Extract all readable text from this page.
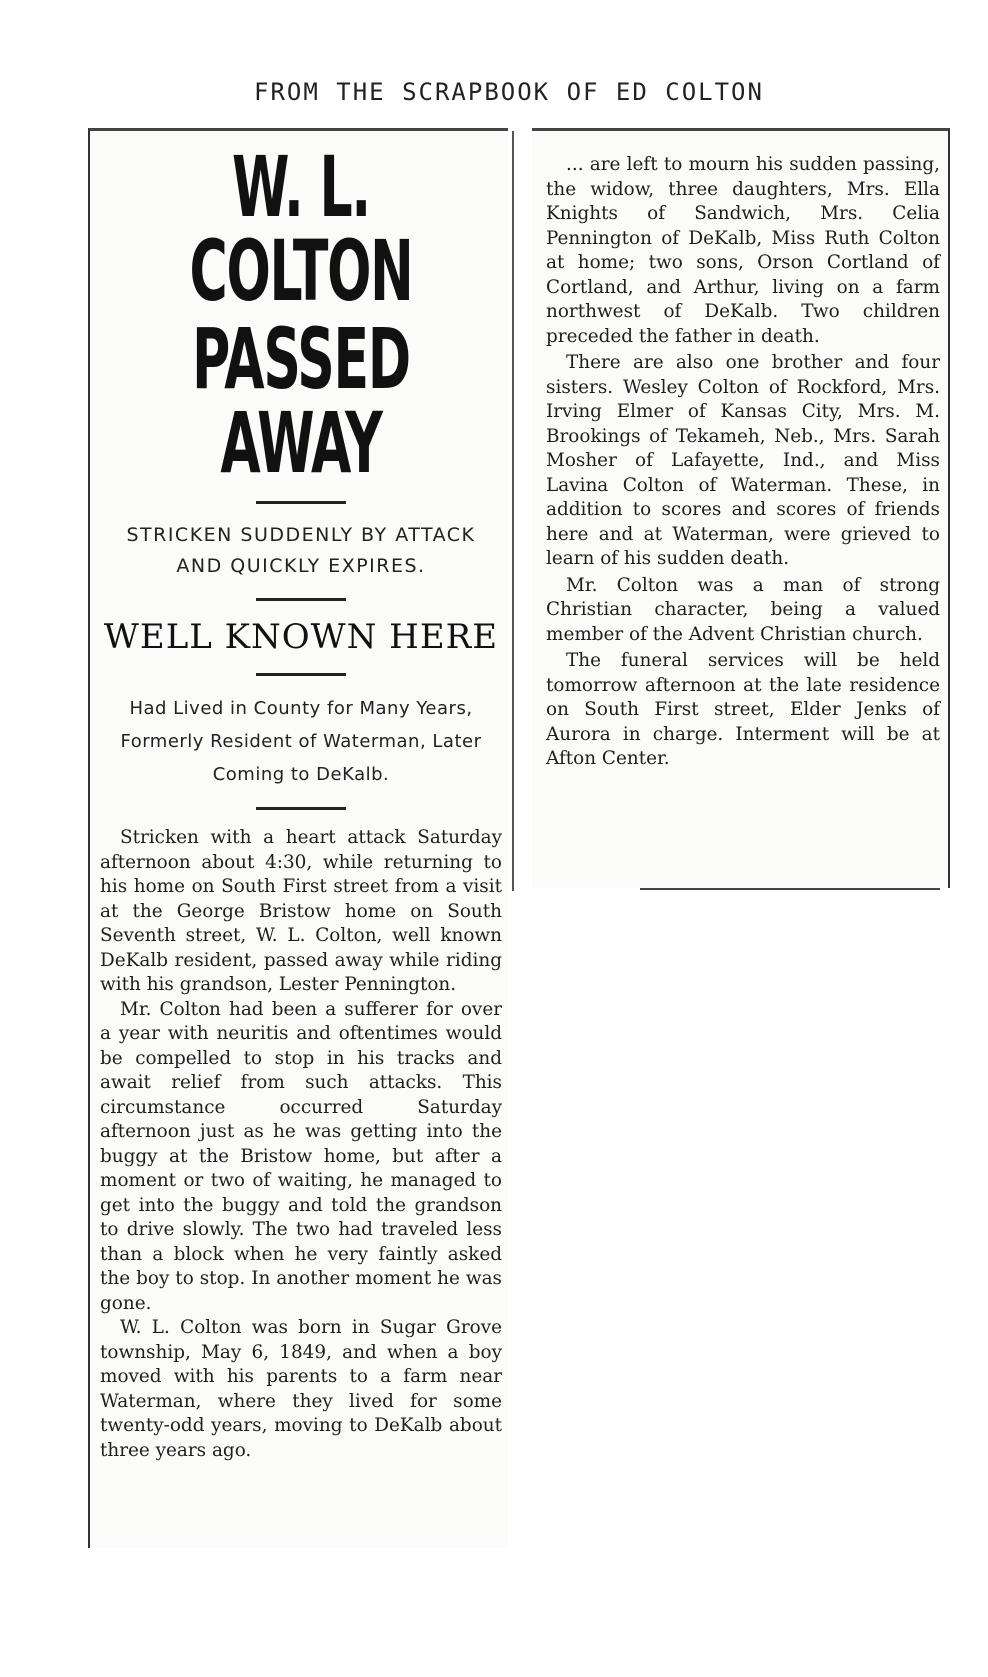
FROM THE SCRAPBOOK OF ED COLTON
W. L. COLTON
PASSED AWAY
STRICKEN SUDDENLY BY ATTACK AND QUICKLY EXPIRES.
WELL KNOWN HERE
Had Lived in County for Many Years, Formerly Resident of Waterman, Later Coming to DeKalb.

Stricken with a heart attack Saturday afternoon about 4:30, while returning to his home on South First street from a visit at the George Bristow home on South Seventh street, W. L. Colton, well known DeKalb resident, passed away while riding with his grandson, Lester Pennington.

Mr. Colton had been a sufferer for over a year with neuritis and oftentimes would be compelled to stop in his tracks and await relief from such attacks. This circumstance occurred Saturday afternoon just as he was getting into the buggy at the Bristow home, but after a moment or two of waiting, he managed to get into the buggy and told the grandson to drive slowly. The two had traveled less than a block when he very faintly asked the boy to stop. In another moment he was gone.

W. L. Colton was born in Sugar Grove township, May 6, 1849, and when a boy moved with his parents to a farm near Waterman, where they lived for some twenty-odd years, moving to DeKalb about three years ago.

... are left to mourn his sudden passing, the widow, three daughters, Mrs. Ella Knights of Sandwich, Mrs. Celia Pennington of DeKalb, Miss Ruth Colton at home; two sons, Orson Cortland of Cortland, and Arthur, living on a farm northwest of DeKalb. Two children preceded the father in death.

There are also one brother and four sisters. Wesley Colton of Rockford, Mrs. Irving Elmer of Kansas City, Mrs. M. Brookings of Tekameh, Neb., Mrs. Sarah Mosher of Lafayette, Ind., and Miss Lavina Colton of Waterman. These, in addition to scores and scores of friends here and at Waterman, were grieved to learn of his sudden death.

Mr. Colton was a man of strong Christian character, being a valued member of the Advent Christian church.

The funeral services will be held tomorrow afternoon at the late residence on South First street, Elder Jenks of Aurora in charge. Interment will be at Afton Center.
